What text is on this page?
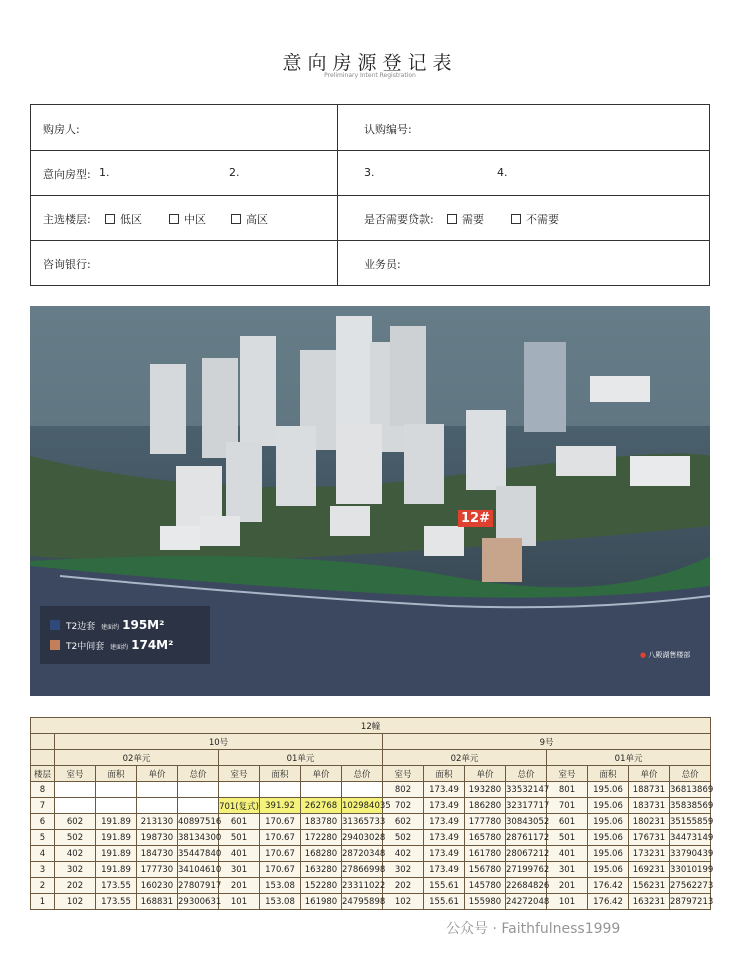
意向房源登记表
Preliminary Intent Registration
购房人:	认购编号:
意向房型: 1.	2.	3.	4.
主选楼层:	低区	中区	高区	是否需要贷款:	需要	不需要
咨询银行:	业务员:
12#
T2边套 建面约 195M²
T2中间套 建面约 174M²
● 八殿湖售楼部
12幢																
	10号								9号							
	02单元				01单元				02单元				01单元			
楼层	室号	面积	单价	总价	室号	面积	单价	总价	室号	面积	单价	总价	室号	面积	单价	总价
8									802	173.49	193280	33532147	801	195.06	188731	36813869
7					701(复式)	391.92	262768	102984035	702	173.49	186280	32317717	701	195.06	183731	35838569
6	602	191.89	213130	40897516	601	170.67	183780	31365733	602	173.49	177780	30843052	601	195.06	180231	35155859
5	502	191.89	198730	38134300	501	170.67	172280	29403028	502	173.49	165780	28761172	501	195.06	176731	34473149
4	402	191.89	184730	35447840	401	170.67	168280	28720348	402	173.49	161780	28067212	401	195.06	173231	33790439
3	302	191.89	177730	34104610	301	170.67	163280	27866998	302	173.49	156780	27199762	301	195.06	169231	33010199
2	202	173.55	160230	27807917	201	153.08	152280	23311022	202	155.61	145780	22684826	201	176.42	156231	27562273
1	102	173.55	168831	29300631	101	153.08	161980	24795898	102	155.61	155980	24272048	101	176.42	163231	28797213
公众号 · Faithfulness1999
